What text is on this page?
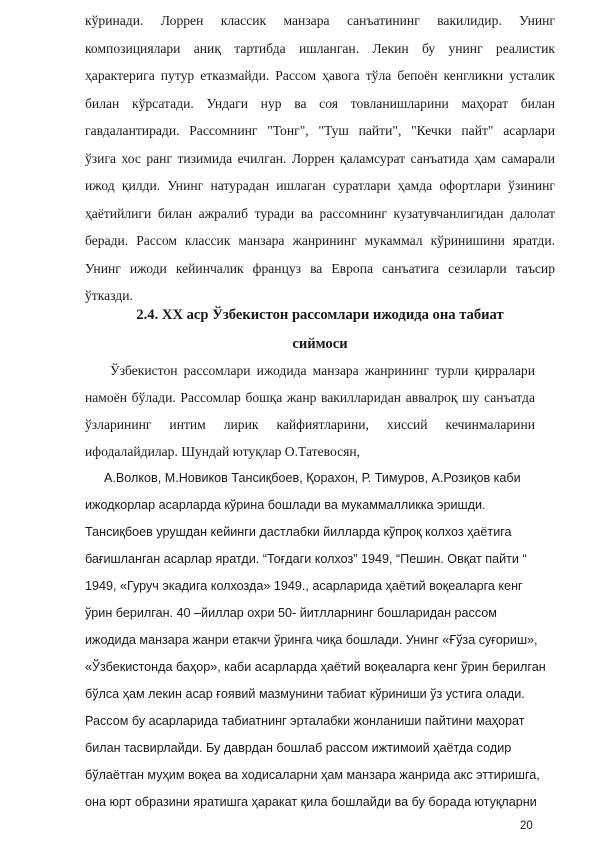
кўринади. Лоррен классик манзара санъатининг вакилидир. Унинг

композициялари аниқ тартибда ишланган. Лекин бу унинг реалистик

ҳарактерига путур етказмайди. Рассом ҳавога тўла бепоён кенгликни усталик

билан кўрсатади. Ундаги нур ва соя товланишларини маҳорат билан

гавдалантиради. Рассомнинг "Тонг", "Туш пайти", "Кечки пайт" асарлари

ўзига хос ранг тизимида ечилган. Лоррен қаламсурат санъатида ҳам самарали

ижод қилди. Унинг натурадан ишлаган суратлари ҳамда офортлари ўзининг

ҳаётийлиги билан ажралиб туради ва рассомнинг кузатувчанлигидан далолат

беради. Рассом классик манзара жанрининг мукаммал кўринишини яратди.

Унинг ижоди кейинчалик француз ва Европа санъатига сезиларли таъсир

ўтказди.

2.4. XX аср Ўзбекистон рассомлари ижодида она табиат
сиймоси

Ўзбекистон рассомлари ижодида манзара жанрининг турли қирралари

намоён бўлади. Рассомлар бошқа жанр вакилларидан аввалроқ шу санъатда

ўзларининг интим лирик кайфиятларини, хиссий кечинмаларини

ифодалайдилар. Шундай ютуқлар О.Татевосян,

А.Волков, М.Новиков Тансиқбоев, Қорахон, Р. Тимуров, А.Розиқов каби

ижодкорлар асарларда кўрина бошлади ва мукаммалликка эришди.

Тансиқбоев урушдан кейинги дастлабки йилларда кўпроқ колхоз ҳаётига

бағишланган асарлар яратди. “Тоғдаги колхоз” 1949, “Пешин. Овқат пайти “

1949, «Гуруч экадига колхозда» 1949., асарларида ҳаётий воқеаларга кенг

ўрин берилган. 40 –йиллар охри 50- йитлларнинг бошларидан рассом

ижодида манзара жанри етакчи ўринга чиқа бошлади. Унинг «Ғўза суғориш»,

«Ўзбекистонда баҳор», каби асарларда ҳаётий воқеаларга кенг ўрин берилган

бўлса ҳам лекин асар ғоявий мазмунини табиат кўриниши ўз устига олади.

Рассом бу асарларида табиатнинг эрталабки жонланиши пайтини маҳорат

билан тасвирлайди. Бу даврдан бошлаб рассом ижтимоий ҳаётда содир

бўлаётган муҳим воқеа ва ходисаларни ҳам манзара жанрида акс эттиришга,

она юрт образини яратишга ҳаракат қила бошлайди ва бу борада ютуқларни

20
